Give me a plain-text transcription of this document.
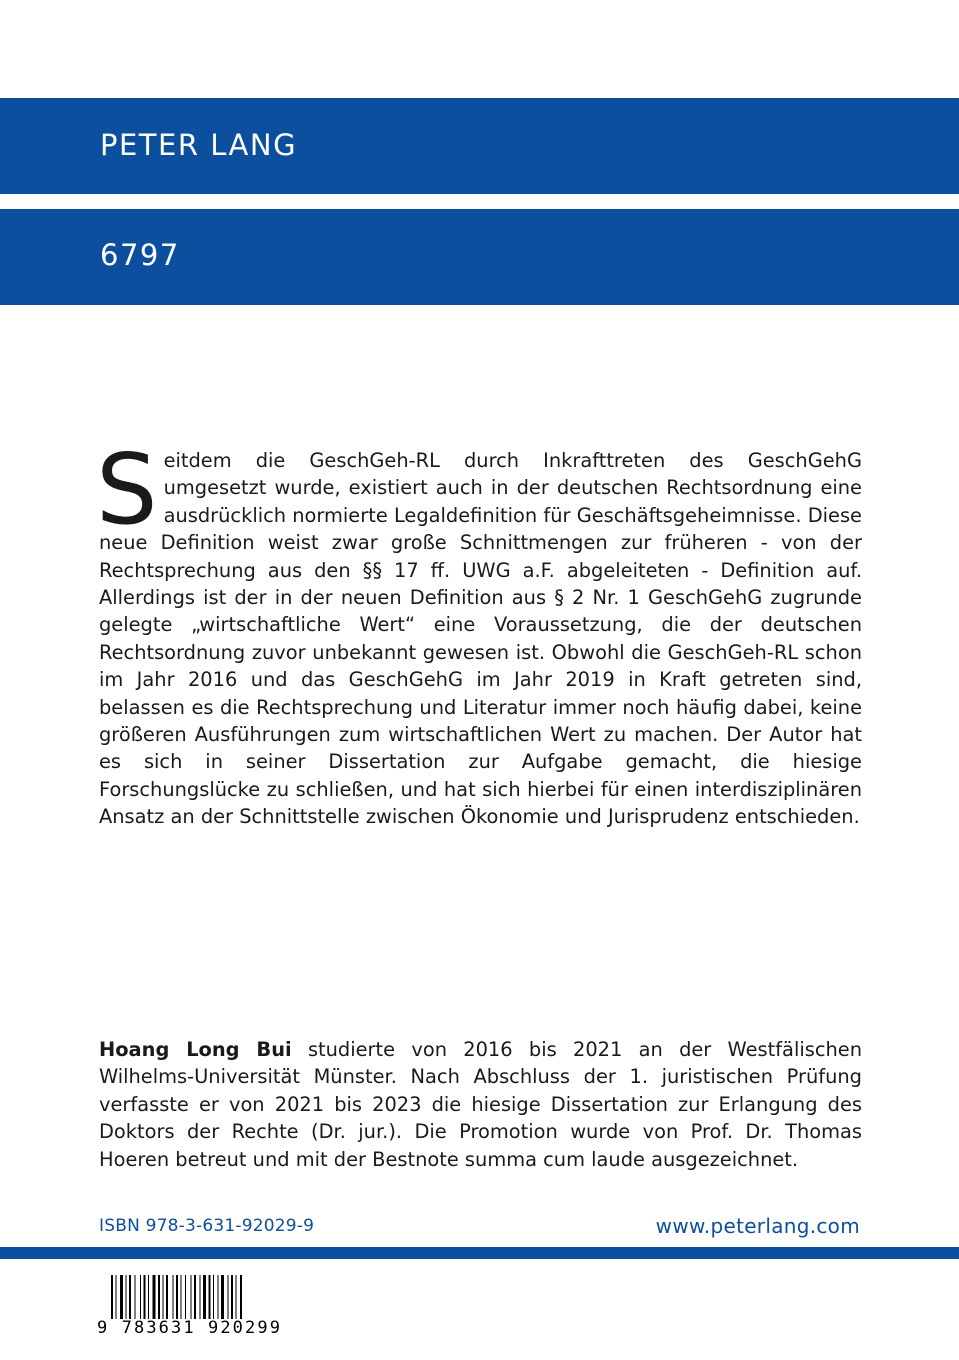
PETER LANG
6797

Seitdem die GeschGeh-RL durch Inkrafttreten des GeschGehG umgesetzt wurde, existiert auch in der deutschen Rechtsordnung eine ausdrücklich normierte Legaldefinition für Geschäftsgeheimnisse. Diese neue Definition weist zwar große Schnittmengen zur früheren - von der Rechtsprechung aus den §§ 17 ff. UWG a.F. abgeleiteten - Definition auf. Allerdings ist der in der neuen Definition aus § 2 Nr. 1 GeschGehG zugrunde gelegte „wirtschaftliche Wert“ eine Voraussetzung, die der deutschen Rechtsordnung zuvor unbekannt gewesen ist. Obwohl die GeschGeh-RL schon im Jahr 2016 und das GeschGehG im Jahr 2019 in Kraft getreten sind, belassen es die Rechtsprechung und Literatur immer noch häufig dabei, keine größeren Ausführungen zum wirtschaftlichen Wert zu machen. Der Autor hat es sich in seiner Dissertation zur Aufgabe gemacht, die hiesige Forschungslücke zu schließen, und hat sich hierbei für einen interdisziplinären Ansatz an der Schnittstelle zwischen Ökonomie und Jurisprudenz entschieden.

Hoang Long Bui studierte von 2016 bis 2021 an der Westfälischen Wilhelms-Universität Münster. Nach Abschluss der 1. juristischen Prüfung verfasste er von 2021 bis 2023 die hiesige Dissertation zur Erlangung des Doktors der Rechte (Dr. jur.). Die Promotion wurde von Prof. Dr. Thomas Hoeren betreut und mit der Bestnote summa cum laude ausgezeichnet.

ISBN 978-3-631-92029-9	www.peterlang.com
9 783631 920299
